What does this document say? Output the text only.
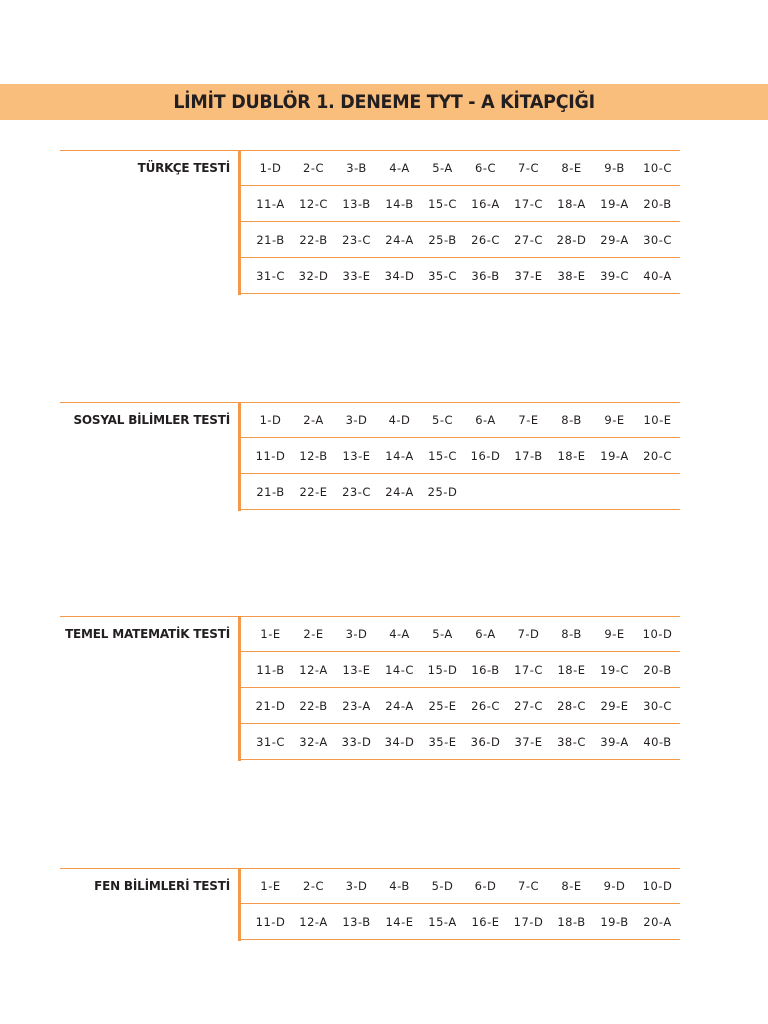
LİMİT DUBLÖR 1. DENEME TYT - A KİTAPÇIĞI
TÜRKÇE TESTİ	1-D	2-C	3-B	4-A	5-A	6-C	7-C	8-E	9-B	10-C
11-A	12-C	13-B	14-B	15-C	16-A	17-C	18-A	19-A	20-B
21-B	22-B	23-C	24-A	25-B	26-C	27-C	28-D	29-A	30-C
31-C	32-D	33-E	34-D	35-C	36-B	37-E	38-E	39-C	40-A
SOSYAL BİLİMLER TESTİ	1-D	2-A	3-D	4-D	5-C	6-A	7-E	8-B	9-E	10-E
11-D	12-B	13-E	14-A	15-C	16-D	17-B	18-E	19-A	20-C
21-B	22-E	23-C	24-A	25-D
TEMEL MATEMATİK TESTİ	1-E	2-E	3-D	4-A	5-A	6-A	7-D	8-B	9-E	10-D
11-B	12-A	13-E	14-C	15-D	16-B	17-C	18-E	19-C	20-B
21-D	22-B	23-A	24-A	25-E	26-C	27-C	28-C	29-E	30-C
31-C	32-A	33-D	34-D	35-E	36-D	37-E	38-C	39-A	40-B
FEN BİLİMLERİ TESTİ	1-E	2-C	3-D	4-B	5-D	6-D	7-C	8-E	9-D	10-D
11-D	12-A	13-B	14-E	15-A	16-E	17-D	18-B	19-B	20-A
